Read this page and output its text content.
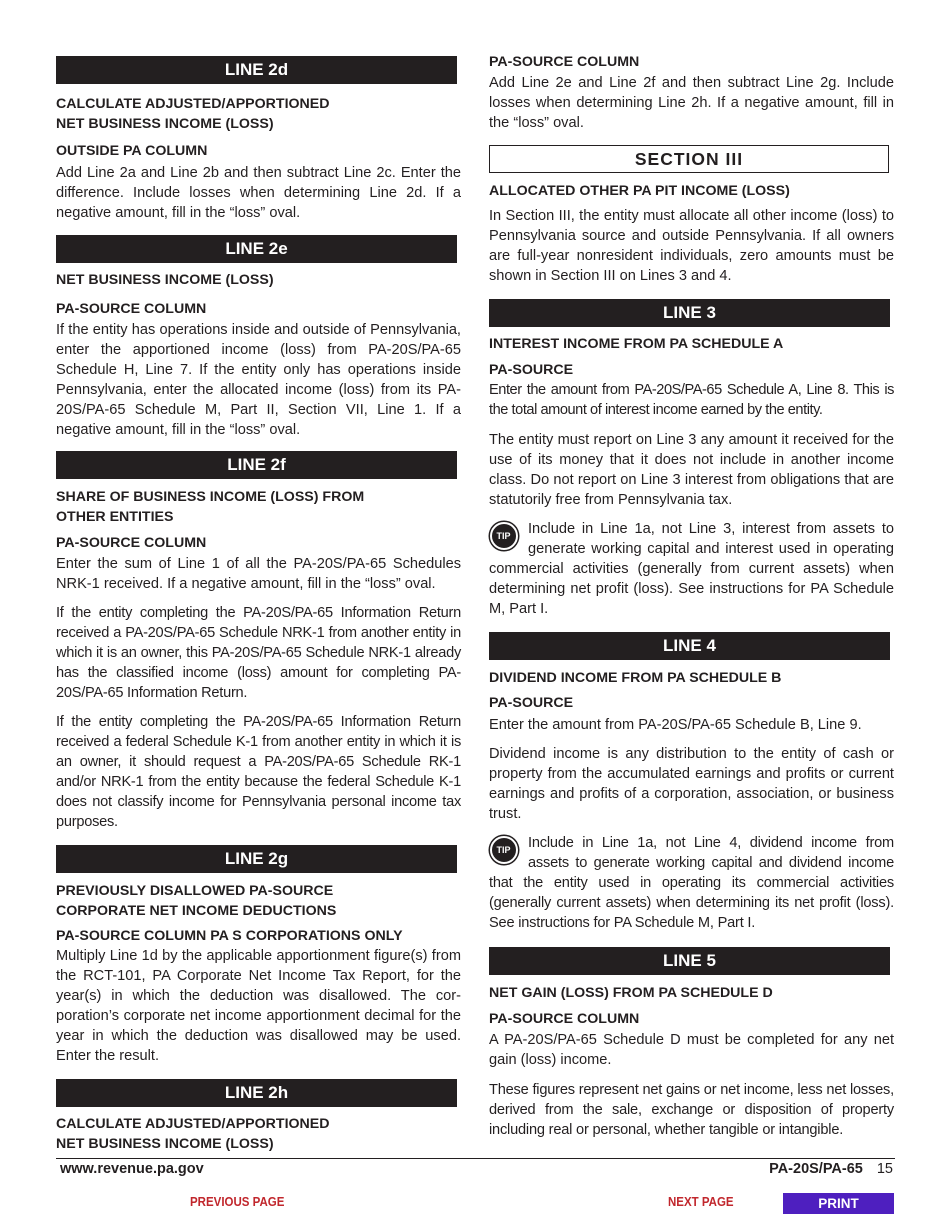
LINE 2d
CALCULATE ADJUSTED/APPORTIONED
NET BUSINESS INCOME (LOSS)
OUTSIDE PA COLUMN

Add Line 2a and Line 2b and then subtract Line 2c. Enter the difference. Include losses when determining Line 2d. If a negative amount, fill in the “loss” oval.

LINE 2e
NET BUSINESS INCOME (LOSS)
PA-SOURCE COLUMN

If the entity has operations inside and outside of Pennsylvania, enter the apportioned income (loss) from PA-20S/PA-65 Schedule H, Line 7. If the entity only has operations inside Pennsylvania, enter the allocated income (loss) from its PA-20S/PA-65 Schedule M, Part II, Section VII, Line 1. If a negative amount, fill in the “loss” oval.

LINE 2f
SHARE OF BUSINESS INCOME (LOSS) FROM
OTHER ENTITIES
PA-SOURCE COLUMN

Enter the sum of Line 1 of all the PA-20S/PA-65 Schedules NRK-1 received. If a negative amount, fill in the “loss” oval.

If the entity completing the PA-20S/PA-65 Information Return received a PA-20S/PA-65 Schedule NRK-1 from another entity in which it is an owner, this PA-20S/PA-65 Schedule NRK-1 already has the classified income (loss) amount for completing PA-20S/PA-65 Information Return.

If the entity completing the PA-20S/PA-65 Information Return received a federal Schedule K-1 from another entity in which it is an owner, it should request a PA-20S/PA-65 Schedule RK-1 and/or NRK-1 from the entity because the federal Schedule K-1 does not classify income for Pennsylvania personal income tax purposes.

LINE 2g
PREVIOUSLY DISALLOWED PA-SOURCE
CORPORATE NET INCOME DEDUCTIONS
PA-SOURCE COLUMN PA S CORPORATIONS ONLY

Multiply Line 1d by the applicable apportionment figure(s) from the RCT-101, PA Corporate Net Income Tax Report, for the year(s) in which the deduction was disallowed. The corporation’s corporate net income apportionment decimal for the year in which the deduction was disallowed may be used. Enter the result.

LINE 2h
CALCULATE ADJUSTED/APPORTIONED
NET BUSINESS INCOME (LOSS)
PA-SOURCE COLUMN

Add Line 2e and Line 2f and then subtract Line 2g. Include losses when determining Line 2h. If a negative amount, fill in the “loss” oval.

SECTION III
ALLOCATED OTHER PA PIT INCOME (LOSS)

In Section III, the entity must allocate all other income (loss) to Pennsylvania source and outside Pennsylvania. If all owners are full-year nonresident individuals, zero amounts must be shown in Section III on Lines 3 and 4.

LINE 3
INTEREST INCOME FROM PA SCHEDULE A
PA-SOURCE

Enter the amount from PA-20S/PA-65 Schedule A, Line 8. This is the total amount of interest income earned by the entity.

The entity must report on Line 3 any amount it received for the use of its money that it does not include in another income class. Do not report on Line 3 interest from obligations that are statutorily free from Pennsylvania tax.

TIP	Include in Line 1a, not Line 3, interest from assets to generate working capital and interest used in operating commercial activities (generally from current assets) when determining net profit (loss). See instructions for PA Schedule M, Part I.

LINE 4
DIVIDEND INCOME FROM PA SCHEDULE B
PA-SOURCE

Enter the amount from PA-20S/PA-65 Schedule B, Line 9.

Dividend income is any distribution to the entity of cash or property from the accumulated earnings and profits or current earnings and profits of a corporation, association, or business trust.

TIP	Include in Line 1a, not Line 4, dividend income from assets to generate working capital and dividend income that the entity used in operating its commercial activities (generally current assets) when determining its net profit (loss). See instructions for PA Schedule M, Part I.

LINE 5
NET GAIN (LOSS) FROM PA SCHEDULE D
PA-SOURCE COLUMN

A PA-20S/PA-65 Schedule D must be completed for any net gain (loss) income.

These figures represent net gains or net income, less net losses, derived from the sale, exchange or disposition of property including real or personal, whether tangible or intangible.

www.revenue.pa.gov	PA-20S/PA-65 15
PREVIOUS PAGE	NEXT PAGE	PRINT
